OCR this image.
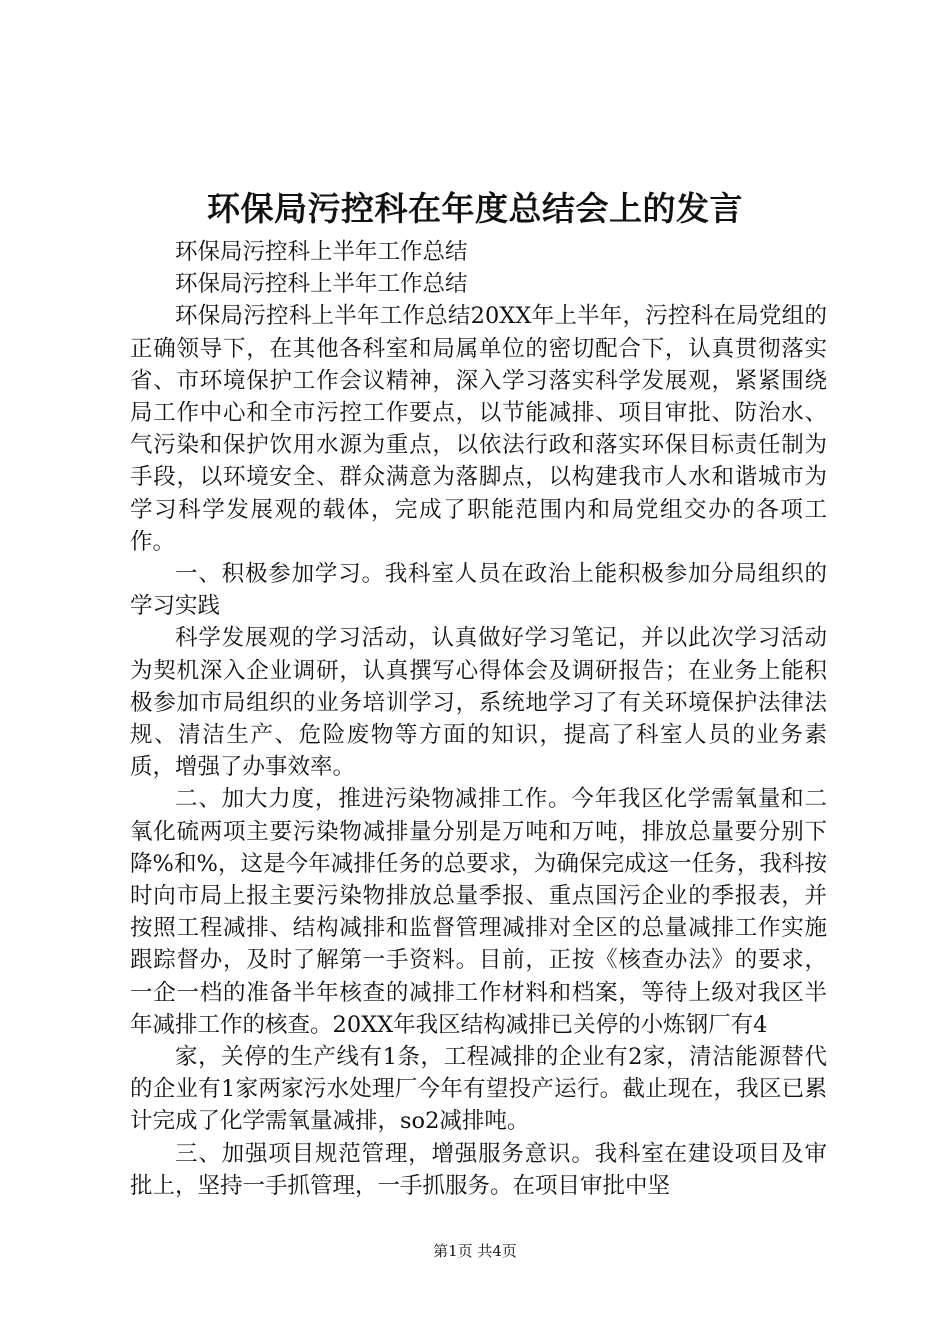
环保局污控科在年度总结会上的发言

环保局污控科上半年工作总结

环保局污控科上半年工作总结

环保局污控科上半年工作总结20XX年上半年，污控科在局党组的正确领导下，在其他各科室和局属单位的密切配合下，认真贯彻落实省、市环境保护工作会议精神，深入学习落实科学发展观，紧紧围绕局工作中心和全市污控工作要点，以节能减排、项目审批、防治水、气污染和保护饮用水源为重点，以依法行政和落实环保目标责任制为手段，以环境安全、群众满意为落脚点，以构建我市人水和谐城市为学习科学发展观的载体，完成了职能范围内和局党组交办的各项工作。

一、积极参加学习。我科室人员在政治上能积极参加分局组织的学习实践

科学发展观的学习活动，认真做好学习笔记，并以此次学习活动为契机深入企业调研，认真撰写心得体会及调研报告；在业务上能积极参加市局组织的业务培训学习，系统地学习了有关环境保护法律法规、清洁生产、危险废物等方面的知识，提高了科室人员的业务素质，增强了办事效率。

二、加大力度，推进污染物减排工作。今年我区化学需氧量和二氧化硫两项主要污染物减排量分别是万吨和万吨，排放总量要分别下降%和%，这是今年减排任务的总要求，为确保完成这一任务，我科按时向市局上报主要污染物排放总量季报、重点国污企业的季报表，并按照工程减排、结构减排和监督管理减排对全区的总量减排工作实施跟踪督办，及时了解第一手资料。目前，正按《核查办法》的要求，一企一档的准备半年核查的减排工作材料和档案，等待上级对我区半年减排工作的核查。20XX年我区结构减排已关停的小炼钢厂有4

家，关停的生产线有1条，工程减排的企业有2家，清洁能源替代的企业有1家两家污水处理厂今年有望投产运行。截止现在，我区已累计完成了化学需氧量减排，so2减排吨。

三、加强项目规范管理，增强服务意识。我科室在建设项目及审批上，坚持一手抓管理，一手抓服务。在项目审批中坚

第1页 共4页
